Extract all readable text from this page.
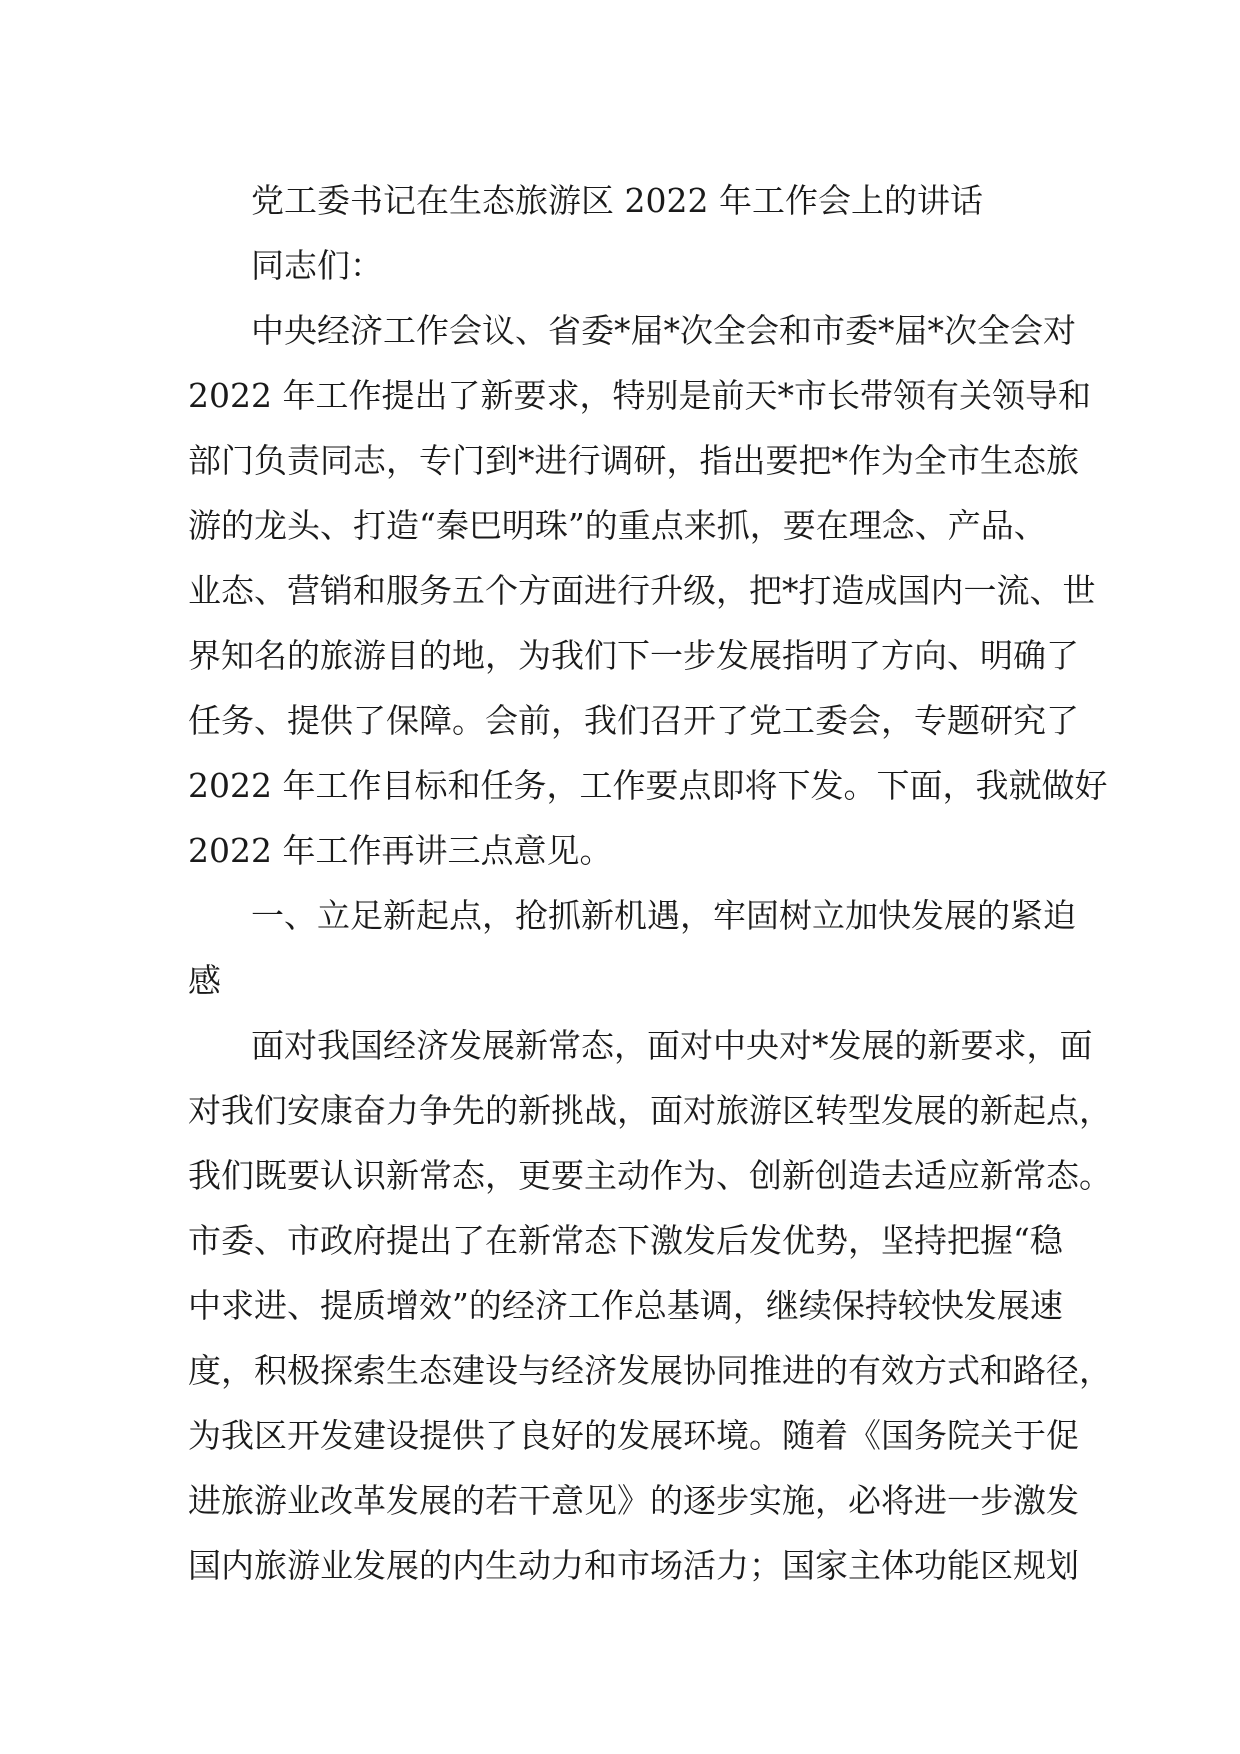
党工委书记在生态旅游区 2022 年工作会上的讲话
同志们：
中央经济工作会议、省委*届*次全会和市委*届*次全会对
2022 年工作提出了新要求，特别是前天*市长带领有关领导和
部门负责同志，专门到*进行调研，指出要把*作为全市生态旅
游的龙头、打造“秦巴明珠”的重点来抓，要在理念、产品、
业态、营销和服务五个方面进行升级，把*打造成国内一流、世
界知名的旅游目的地，为我们下一步发展指明了方向、明确了
任务、提供了保障。会前，我们召开了党工委会，专题研究了
2022 年工作目标和任务，工作要点即将下发。下面，我就做好
2022 年工作再讲三点意见。
一、立足新起点，抢抓新机遇，牢固树立加快发展的紧迫
感
面对我国经济发展新常态，面对中央对*发展的新要求，面
对我们安康奋力争先的新挑战，面对旅游区转型发展的新起点，
我们既要认识新常态，更要主动作为、创新创造去适应新常态。
市委、市政府提出了在新常态下激发后发优势，坚持把握“稳
中求进、提质增效”的经济工作总基调，继续保持较快发展速
度，积极探索生态建设与经济发展协同推进的有效方式和路径，
为我区开发建设提供了良好的发展环境。随着《国务院关于促
进旅游业改革发展的若干意见》的逐步实施，必将进一步激发
国内旅游业发展的内生动力和市场活力；国家主体功能区规划
